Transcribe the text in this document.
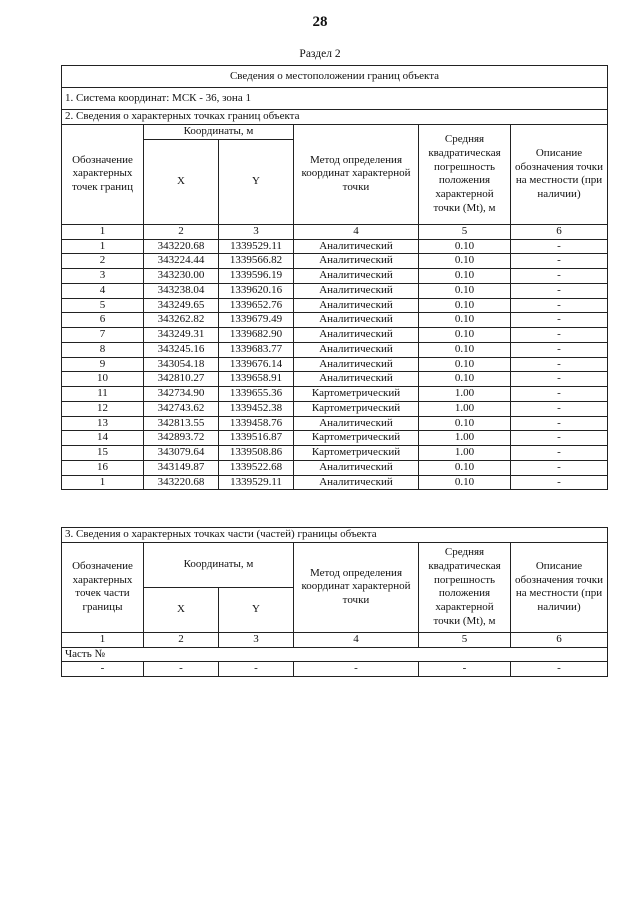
28
Раздел 2
Сведения о местоположении границ объекта					
1. Система координат: МСК - 36, зона 1					
2. Сведения о характерных точках границ объекта					
Обозначение характерных точек границ	Координаты, м		Метод определения координат характерной точки	Средняя квадратическая погрешность положения характерной точки (Mt), м	Описание обозначения точки на местности (при наличии)
	X	Y			
1	2	3	4	5	6
1	343220.68	1339529.11	Аналитический	0.10	-
2	343224.44	1339566.82	Аналитический	0.10	-
3	343230.00	1339596.19	Аналитический	0.10	-
4	343238.04	1339620.16	Аналитический	0.10	-
5	343249.65	1339652.76	Аналитический	0.10	-
6	343262.82	1339679.49	Аналитический	0.10	-
7	343249.31	1339682.90	Аналитический	0.10	-
8	343245.16	1339683.77	Аналитический	0.10	-
9	343054.18	1339676.14	Аналитический	0.10	-
10	342810.27	1339658.91	Аналитический	0.10	-
11	342734.90	1339655.36	Картометрический	1.00	-
12	342743.62	1339452.38	Картометрический	1.00	-
13	342813.55	1339458.76	Аналитический	0.10	-
14	342893.72	1339516.87	Картометрический	1.00	-
15	343079.64	1339508.86	Картометрический	1.00	-
16	343149.87	1339522.68	Аналитический	0.10	-
1	343220.68	1339529.11	Аналитический	0.10	-
3. Сведения о характерных точках части (частей) границы объекта					
Обозначение характерных точек части границы	Координаты, м		Метод определения координат характерной точки	Средняя квадратическая погрешность положения характерной точки (Mt), м	Описание обозначения точки на местности (при наличии)
	X	Y			
1	2	3	4	5	6
Часть №					
-	-	-	-	-	-
